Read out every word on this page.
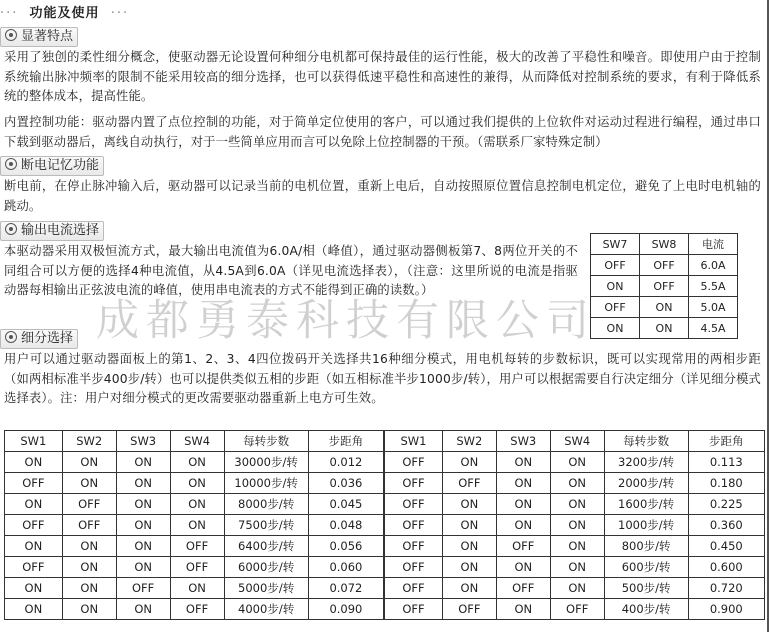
··· 功能及使用 ···
显著特点
采用了独创的柔性细分概念，使驱动器无论设置何种细分电机都可保持最佳的运行性能，极大的改善了平稳性和噪音。即使用户由于控制系统输出脉冲频率的限制不能采用较高的细分选择，也可以获得低速平稳性和高速性的兼得，从而降低对控制系统的要求，有利于降低系统的整体成本，提高性能。
内置控制功能：驱动器内置了点位控制的功能，对于简单定位使用的客户，可以通过我们提供的上位软件对运动过程进行编程，通过串口下载到驱动器后，离线自动执行，对于一些简单应用而言可以免除上位控制器的干预。（需联系厂家特殊定制）
断电记忆功能
断电前，在停止脉冲输入后，驱动器可以记录当前的电机位置，重新上电后，自动按照原位置信息控制电机定位，避免了上电时电机轴的跳动。
输出电流选择
本驱动器采用双极恒流方式，最大输出电流值为6.0A/相（峰值），通过驱动器侧板第7、8两位开关的不同组合可以方便的选择4种电流值，从4.5A到6.0A（详见电流选择表），（注意：这里所说的电流是指驱动器每相输出正弦波电流的峰值，使用串电流表的方式不能得到正确的读数。）
SW7	SW8	电流
OFF	OFF	6.0A
ON	OFF	5.5A
OFF	ON	5.0A
ON	ON	4.5A
细分选择
用户可以通过驱动器面板上的第1、2、3、4四位拨码开关选择共16种细分模式，用电机每转的步数标识，既可以实现常用的两相步距（如两相标准半步400步/转）也可以提供类似五相的步距（如五相标准半步1000步/转），用户可以根据需要自行决定细分（详见细分模式选择表）。注：用户对细分模式的更改需要驱动器重新上电方可生效。
SW1	SW2	SW3	SW4	每转步数	步距角	SW1	SW2	SW3	SW4	每转步数	步距角
ON	ON	ON	ON	30000步/转	0.012	OFF	ON	ON	ON	3200步/转	0.113
OFF	ON	ON	ON	10000步/转	0.036	OFF	OFF	ON	ON	2000步/转	0.180
ON	OFF	ON	ON	8000步/转	0.045	OFF	ON	ON	ON	1600步/转	0.225
OFF	OFF	ON	ON	7500步/转	0.048	OFF	ON	ON	ON	1000步/转	0.360
ON	ON	ON	OFF	6400步/转	0.056	OFF	ON	OFF	ON	800步/转	0.450
OFF	ON	ON	OFF	6000步/转	0.060	OFF	ON	ON	ON	600步/转	0.600
ON	ON	OFF	ON	5000步/转	0.072	OFF	ON	OFF	ON	500步/转	0.720
ON	ON	ON	OFF	4000步/转	0.090	OFF	OFF	ON	OFF	400步/转	0.900
成都勇泰科技有限公司
